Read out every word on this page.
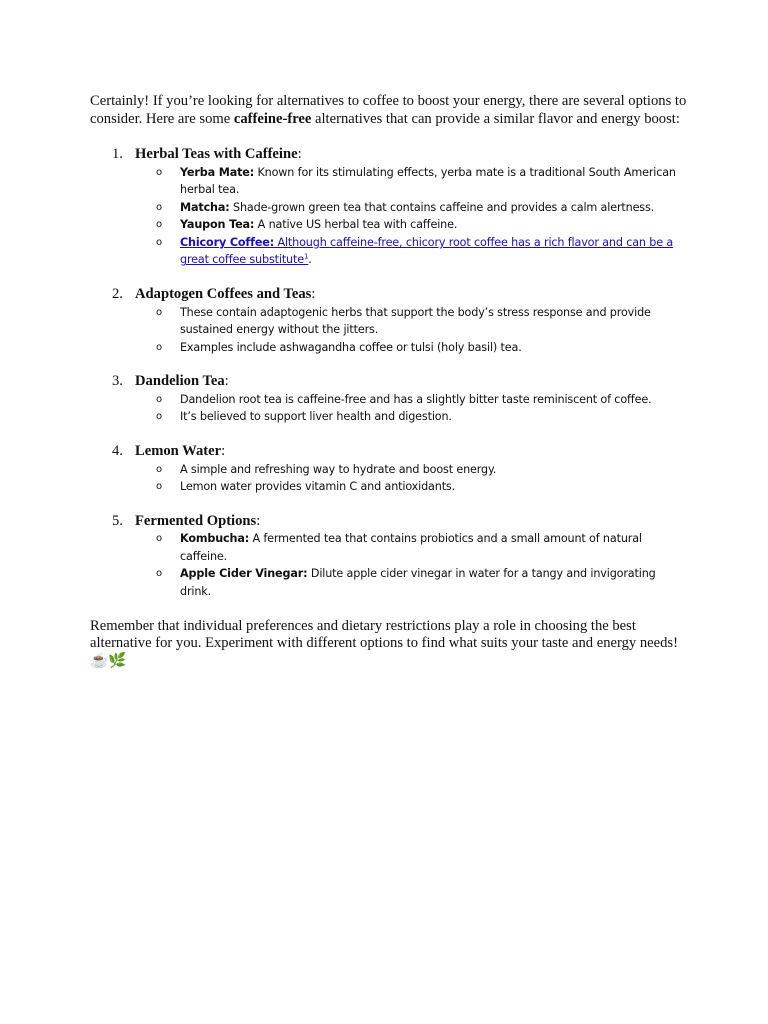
Certainly! If you’re looking for alternatives to coffee to boost your energy, there are several options to consider. Here are some caffeine-free alternatives that can provide a similar flavor and energy boost:

1. Herbal Teas with Caffeine:

o Yerba Mate: Known for its stimulating effects, yerba mate is a traditional South American herbal tea.
o Matcha: Shade-grown green tea that contains caffeine and provides a calm alertness.
o Yaupon Tea: A native US herbal tea with caffeine.
o Chicory Coffee: Although caffeine-free, chicory root coffee has a rich flavor and can be a great coffee substitute$^1$.

2. Adaptogen Coffees and Teas:

o These contain adaptogenic herbs that support the body’s stress response and provide sustained energy without the jitters.
o Examples include ashwagandha coffee or tulsi (holy basil) tea.

3. Dandelion Tea:

o Dandelion root tea is caffeine-free and has a slightly bitter taste reminiscent of coffee.
o It’s believed to support liver health and digestion.

4. Lemon Water:

o A simple and refreshing way to hydrate and boost energy.
o Lemon water provides vitamin C and antioxidants.

5. Fermented Options:

o Kombucha: A fermented tea that contains probiotics and a small amount of natural caffeine.
o Apple Cider Vinegar: Dilute apple cider vinegar in water for a tangy and invigorating drink.

Remember that individual preferences and dietary restrictions play a role in choosing the best alternative for you. Experiment with different options to find what suits your taste and energy needs! ☕🌿
